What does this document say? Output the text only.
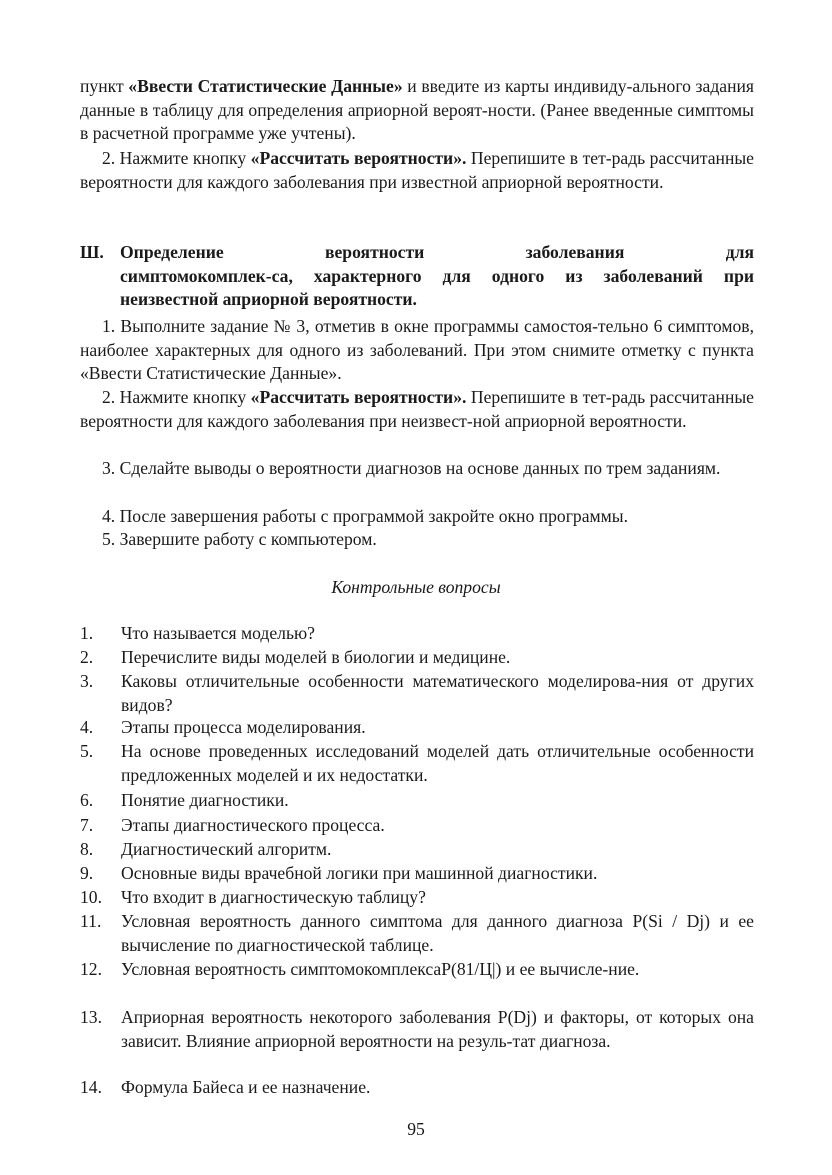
пункт «Ввести Статистические Данные» и введите из карты индивиду-ального задания данные в таблицу для определения априорной вероят-ности. (Ранее введенные симптомы в расчетной программе уже учтены).
2. Нажмите кнопку «Рассчитать вероятности». Перепишите в тет-радь рассчитанные вероятности для каждого заболевания при известной априорной вероятности.
Ш. Определение вероятности заболевания для
симптомокомплек-са, характерного для одного из заболеваний при неизвестной априорной вероятности.
1. Выполните задание № 3, отметив в окне программы самостоя-тельно 6 симптомов, наиболее характерных для одного из заболеваний. При этом снимите отметку с пункта «Ввести Статистические Данные».
2. Нажмите кнопку «Рассчитать вероятности». Перепишите в тет-радь рассчитанные вероятности для каждого заболевания при неизвест-ной априорной вероятности.
3. Сделайте выводы о вероятности диагнозов на основе данных по трем заданиям.
4. После завершения работы с программой закройте окно программы.
5. Завершите работу с компьютером.
Контрольные вопросы
1.	Что называется моделью?
2.	Перечислите виды моделей в биологии и медицине.
3.	Каковы отличительные особенности математического моделирова-ния от других видов?
4.	Этапы процесса моделирования.
5.	На основе проведенных исследований моделей дать отличительные особенности предложенных моделей и их недостатки.
6.	Понятие диагностики.
7.	Этапы диагностического процесса.
8.	Диагностический алгоритм.
9.	Основные виды врачебной логики при машинной диагностики.
10.	Что входит в диагностическую таблицу?
11.	Условная вероятность данного симптома для данного диагноза P(Si / Dj) и ее вычисление по диагностической таблице.
12.	Условная вероятность симптомокомплексаP(81/Ц|) и ее вычисле-ние.
13.	Априорная вероятность некоторого заболевания P(Dj) и факторы, от которых она зависит. Влияние априорной вероятности на резуль-тат диагноза.
14.	Формула Байеса и ее назначение.
95
